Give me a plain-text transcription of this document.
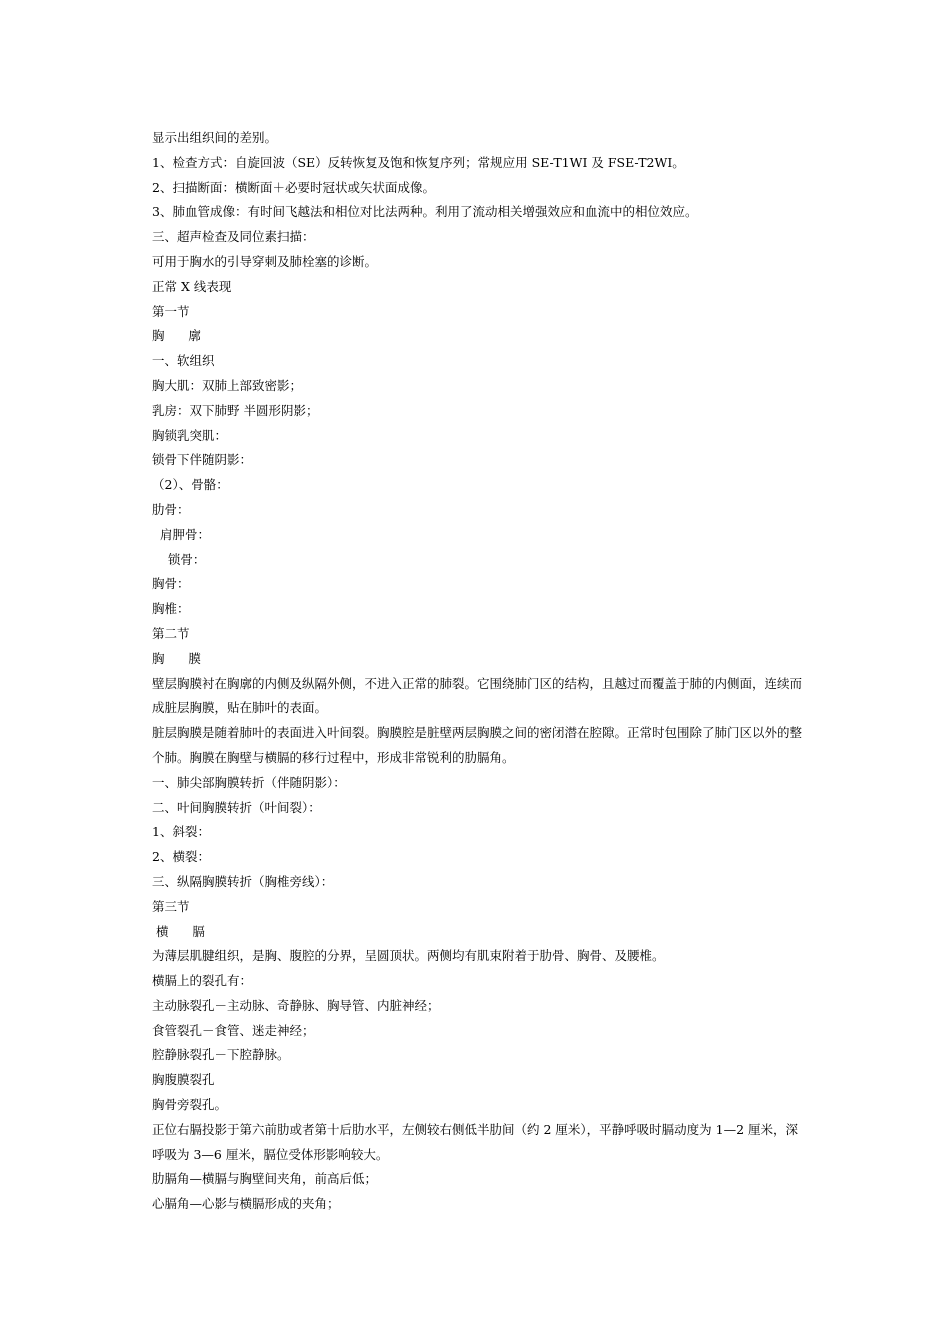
显示出组织间的差别。
1、检查方式：自旋回波（SE）反转恢复及饱和恢复序列；常规应用 SE-T1WI 及 FSE-T2WI。
2、扫描断面：横断面＋必要时冠状或矢状面成像。
3、肺血管成像：有时间飞越法和相位对比法两种。利用了流动相关增强效应和血流中的相位效应。
三、超声检查及同位素扫描：
可用于胸水的引导穿刺及肺栓塞的诊断。
正常 X 线表现
第一节
胸      廓
一、软组织
胸大肌：双肺上部致密影；
乳房：双下肺野 半圆形阴影；
胸锁乳突肌：
锁骨下伴随阴影：
（2）、骨骼：
肋骨：
肩胛骨：
锁骨：
胸骨：
胸椎：
第二节
胸      膜
壁层胸膜衬在胸廓的内侧及纵隔外侧，不进入正常的肺裂。它围绕肺门区的结构，且越过而覆盖于肺的内侧面，连续而成脏层胸膜，贴在肺叶的表面。
脏层胸膜是随着肺叶的表面进入叶间裂。胸膜腔是脏壁两层胸膜之间的密闭潜在腔隙。正常时包围除了肺门区以外的整个肺。胸膜在胸壁与横膈的移行过程中，形成非常锐利的肋膈角。
一、肺尖部胸膜转折（伴随阴影）：
二、叶间胸膜转折（叶间裂）：
1、斜裂：
2、横裂：
三、纵隔胸膜转折（胸椎旁线）：
第三节
横      膈
为薄层肌腱组织，是胸、腹腔的分界，呈圆顶状。两侧均有肌束附着于肋骨、胸骨、及腰椎。
横膈上的裂孔有：
主动脉裂孔－主动脉、奇静脉、胸导管、内脏神经；
食管裂孔－食管、迷走神经；
腔静脉裂孔－下腔静脉。
胸腹膜裂孔
胸骨旁裂孔。
正位右膈投影于第六前肋或者第十后肋水平，左侧较右侧低半肋间（约 2 厘米），平静呼吸时膈动度为 1—2 厘米，深呼吸为 3—6 厘米，膈位受体形影响较大。
肋膈角—横膈与胸壁间夹角，前高后低；
心膈角—心影与横膈形成的夹角；
